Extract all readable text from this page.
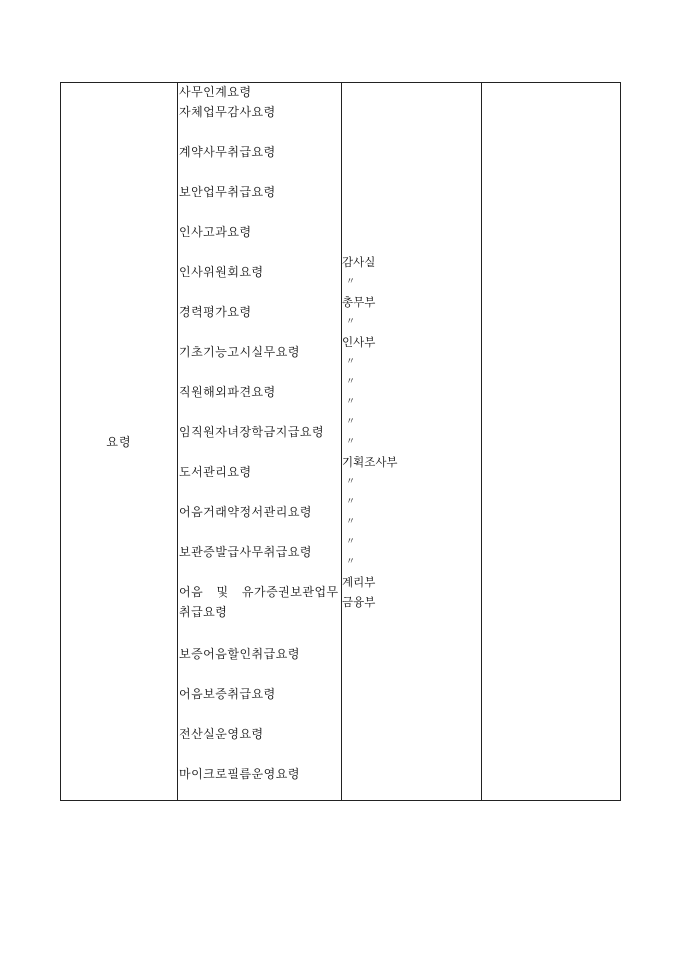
요령
사무인계요령
자체업무감사요령
계약사무취급요령
보안업무취급요령
인사고과요령
인사위원회요령
경력평가요령
기초기능고시실무요령
직원해외파견요령
임직원자녀장학금지급요령
도서관리요령
어음거래약정서관리요령
보관증발급사무취급요령
어음 및 유가증권보관업무취급요령
보증어음할인취급요령
어음보증취급요령
전산실운영요령
마이크로필름운영요령
감사실
〃
총무부
〃
인사부
〃
〃
〃
〃
〃
기획조사부
〃
〃
〃
〃
〃
계리부
금융부
